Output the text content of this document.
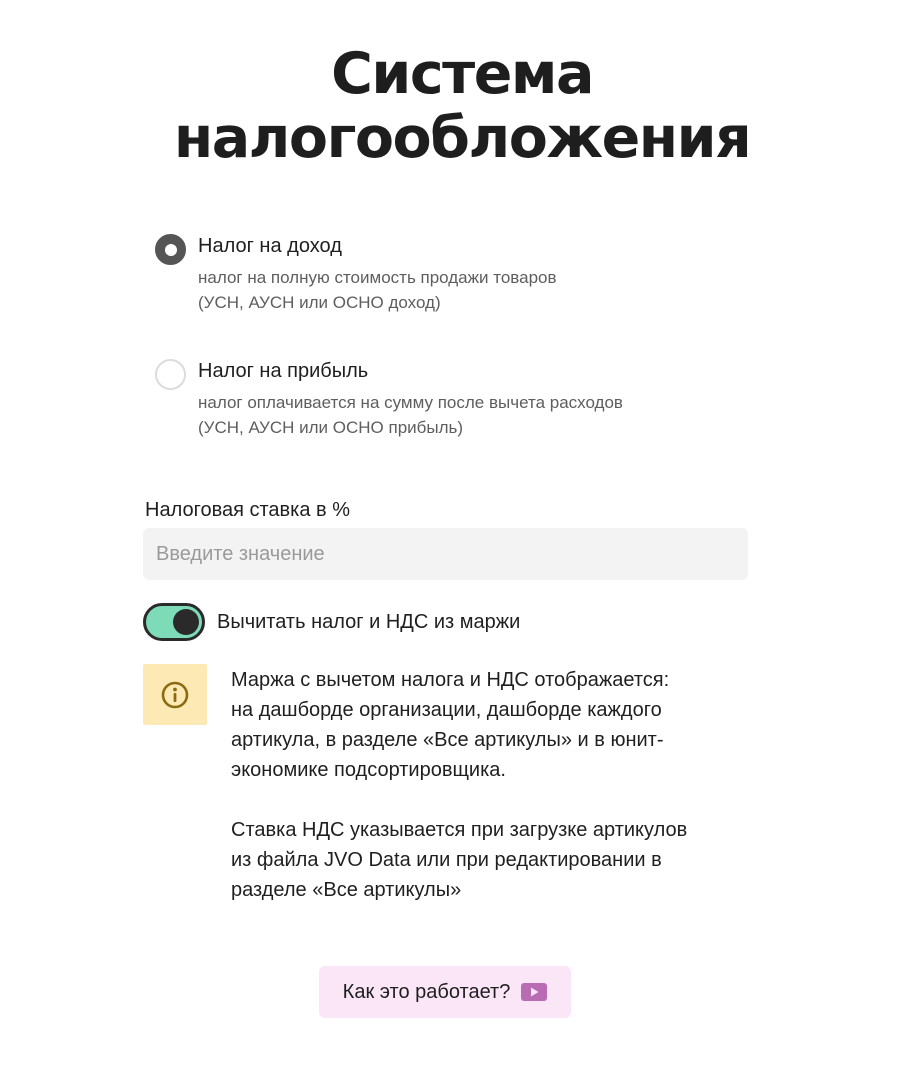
Система
налогообложения
Налог на доход
налог на полную стоимость продажи товаров
(УСН, АУСН или ОСНО доход)
Налог на прибыль
налог оплачивается на сумму после вычета расходов
(УСН, АУСН или ОСНО прибыль)
Налоговая ставка в %
Введите значение
Вычитать налог и НДС из маржи

Маржа с вычетом налога и НДС отображается:
на дашборде организации, дашборде каждого
артикула, в разделе «Все артикулы» и в юнит-
экономике подсортировщика.

Ставка НДС указывается при загрузке артикулов
из файла JVO Data или при редактировании в
разделе «Все артикулы»

Как это работает?
